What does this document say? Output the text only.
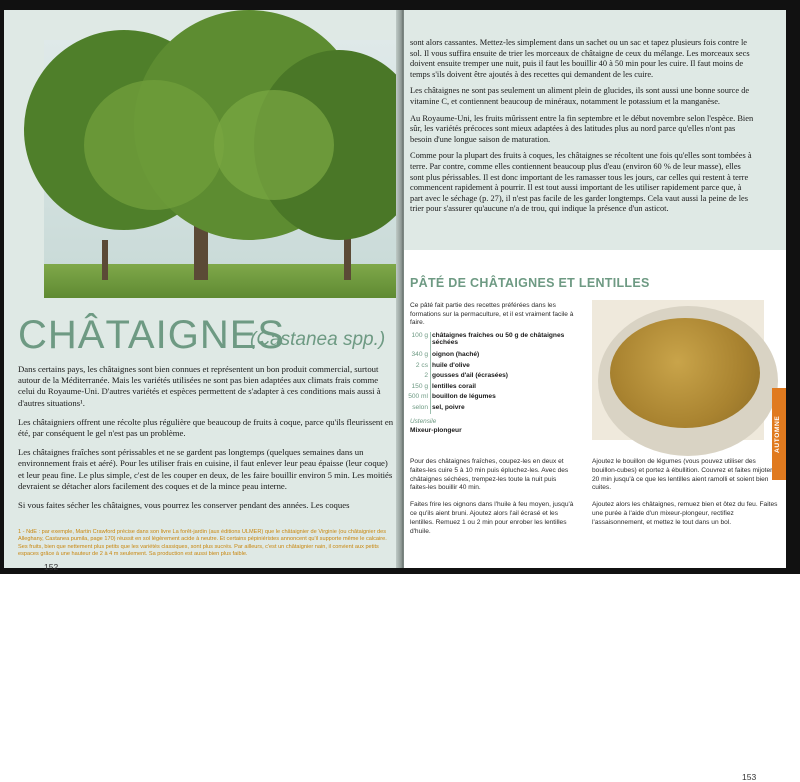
CHÂTAIGNES
(Castanea spp.)

Dans certains pays, les châtaignes sont bien connues et représentent un bon produit commercial, surtout autour de la Méditerranée. Mais les variétés utilisées ne sont pas bien adaptées aux climats frais comme celui du Royaume-Uni. D'autres variétés et espèces permettent de s'adapter à ces conditions mais aussi à d'autres situations¹.

Les châtaigniers offrent une récolte plus régulière que beaucoup de fruits à coque, parce qu'ils fleurissent en été, par conséquent le gel n'est pas un problème.

Les châtaignes fraîches sont périssables et ne se gardent pas longtemps (quelques semaines dans un environnement frais et aéré). Pour les utiliser frais en cuisine, il faut enlever leur peau épaisse (leur coque) et leur peau fine. Le plus simple, c'est de les couper en deux, de les faire bouillir environ 5 min. Les moitiés devraient se détacher alors facilement des coques et de la mince peau interne.

Si vous faites sécher les châtaignes, vous pourrez les conserver pendant des années. Les coques

1 - NdE : par exemple, Martin Crawford précise dans son livre La forêt-jardin (aux éditions ULMER) que le châtaignier de Virginie (ou châtaignier des Alleghany, Castanea pumila, page 170) réussit en sol légèrement acide à neutre. Et certains pépiniéristes annoncent qu'il supporte même le calcaire. Ses fruits, bien que nettement plus petits que les variétés classiques, sont plus sucrés. Par ailleurs, c'est un châtaignier nain, il convient aux petits espaces grâce à une hauteur de 2 à 4 m seulement. Sa production est aussi bien plus faible.
152

sont alors cassantes. Mettez-les simplement dans un sachet ou un sac et tapez plusieurs fois contre le sol. Il vous suffira ensuite de trier les morceaux de châtaigne de ceux du mélange. Les morceaux secs doivent ensuite tremper une nuit, puis il faut les bouillir 40 à 50 min pour les cuire. Il faut moins de temps s'ils doivent être ajoutés à des recettes qui demandent de les cuire.

Les châtaignes ne sont pas seulement un aliment plein de glucides, ils sont aussi une bonne source de vitamine C, et contiennent beaucoup de minéraux, notamment le potassium et la manganèse.

Au Royaume-Uni, les fruits mûrissent entre la fin septembre et le début novembre selon l'espèce. Bien sûr, les variétés précoces sont mieux adaptées à des latitudes plus au nord parce qu'elles n'ont pas besoin d'une longue saison de maturation.

Comme pour la plupart des fruits à coques, les châtaignes se récoltent une fois qu'elles sont tombées à terre. Par contre, comme elles contiennent beaucoup plus d'eau (environ 60 % de leur masse), elles sont plus périssables. Il est donc important de les ramasser tous les jours, car celles qui restent à terre commencent rapidement à pourrir. Il est tout aussi important de les utiliser rapidement parce que, à part avec le séchage (p. 27), il n'est pas facile de les garder longtemps. Cela vaut aussi la peine de les trier pour s'assurer qu'aucune n'a de trou, qui indique la présence d'un asticot.

PÂTÉ DE CHÂTAIGNES ET LENTILLES
Ce pâté fait partie des recettes préférées dans les formations sur la permaculture, et il est vraiment facile à faire.
100 g châtaignes fraîches ou 50 g de châtaignes séchées
340 g oignon (haché)
2 cs huile d'olive
2 gousses d'ail (écrasées)
150 g lentilles corail
500 ml bouillon de légumes
selon sel, poivre
Ustensile
Mixeur-plongeur

Pour des châtaignes fraîches, coupez-les en deux et faites-les cuire 5 à 10 min puis épluchez-les. Avec des châtaignes séchées, trempez-les toute la nuit puis faites-les bouillir 40 min.

Faites frire les oignons dans l'huile à feu moyen, jusqu'à ce qu'ils aient bruni. Ajoutez alors l'ail écrasé et les lentilles. Remuez 1 ou 2 min pour enrober les lentilles d'huile.

Ajoutez le bouillon de légumes (vous pouvez utiliser des bouillon-cubes) et portez à ébullition. Couvrez et faites mijoter 20 min jusqu'à ce que les lentilles aient ramolli et soient bien cuites.

Ajoutez alors les châtaignes, remuez bien et ôtez du feu. Faites une purée à l'aide d'un mixeur-plongeur, rectifiez l'assaisonnement, et mettez le tout dans un bol.

153
AUTOMNE
